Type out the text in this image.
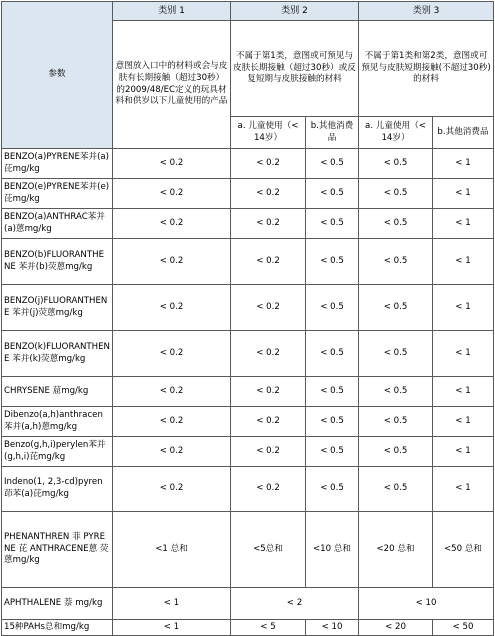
参数	类别 1	类别 2		类别 3	
	意图放入口中的材料或会与皮肤有长期接触（超过30秒）的2009/48/EC定义的玩具材料和供岁以下儿童使用的产品	不属于第1类，意图或可预见与皮肤长期接触（超过30秒）或反复短期与皮肤接触的材料		不属于第1类和第2类，意图或可预见与皮肤短期接触(不超过30秒)的材料	
		a. 儿童使用（< 14岁）	b.其他消费品	a. 儿童使用（< 14岁）	b.其他消费品
BENZO(a)PYRENE苯并(a)芘mg/kg	< 0.2	< 0.2	< 0.5	< 0.5	< 1
BENZO(e)PYRENE苯并(e)芘mg/kg	< 0.2	< 0.2	< 0.5	< 0.5	< 1
BENZO(a)ANTHRAC苯并(a)蒽mg/kg	< 0.2	< 0.2	< 0.5	< 0.5	< 1
BENZO(b)FLUORANTHENE 苯并(b)荧蒽mg/kg	< 0.2	< 0.2	< 0.5	< 0.5	< 1
BENZO(j)FLUORANTHENE 苯并(j)荧蒽mg/kg	< 0.2	< 0.2	< 0.5	< 0.5	< 1
BENZO(k)FLUORANTHENE 苯并(k)荧蒽mg/kg	< 0.2	< 0.2	< 0.5	< 0.5	< 1
CHRYSENE 䓛mg/kg	< 0.2	< 0.2	< 0.5	< 0.5	< 1
Dibenzo(a,h)anthracen苯并(a,h)蒽mg/kg	< 0.2	< 0.2	< 0.5	< 0.5	< 1
Benzo(g,h,i)perylen苯并(g,h,i)芘mg/kg	< 0.2	< 0.2	< 0.5	< 0.5	< 1
Indeno(1, 2,3-cd)pyren 茚苯(a)芘mg/kg	< 0.2	< 0.2	< 0.5	< 0.5	< 1
PHENANTHREN 菲 PYRENE 芘 ANTHRACENE蒽 荧蒽mg/kg	<1 总和	<5总和	<10 总和	<20 总和	<50 总和
APHTHALENE 萘 mg/kg	< 1	< 2		< 10	
15种PAHs总和mg/kg	< 1	< 5	< 10	< 20	< 50
